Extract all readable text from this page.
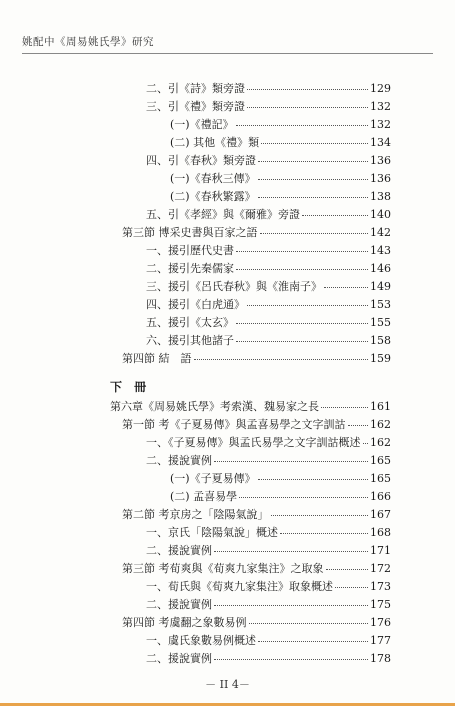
姚配中《周易姚氏學》研究
二、引《詩》類旁證	129
三、引《禮》類旁證	132
(一)《禮記》	132
(二) 其他《禮》類	134
四、引《春秋》類旁證	136
(一)《春秋三傳》	136
(二)《春秋繁露》	138
五、引《孝經》與《爾雅》旁證	140
第三節 博采史書與百家之語	142
一、援引歷代史書	143
二、援引先秦儒家	146
三、援引《呂氏春秋》與《淮南子》	149
四、援引《白虎通》	153
五、援引《太玄》	155
六、援引其他諸子	158
第四節 結　語	159
下 冊
第六章《周易姚氏學》考索漢、魏易家之長	161
第一節 考《子夏易傳》與孟喜易學之文字訓詁 162
一、《子夏易傳》與孟氏易學之文字訓詁概述 162
二、援說實例	165
(一)《子夏易傳》	165
(二) 孟喜易學	166
第二節 考京房之「陰陽氣說」	167
一、京氏「陰陽氣說」概述	168
二、援說實例	171
第三節 考荀爽與《荀爽九家集注》之取象	172
一、荀氏與《荀爽九家集注》取象概述	173
二、援說實例	175
第四節 考虞翻之象數易例	176
一、虞氏象數易例概述	177
二、援說實例	178
－ II 4－
